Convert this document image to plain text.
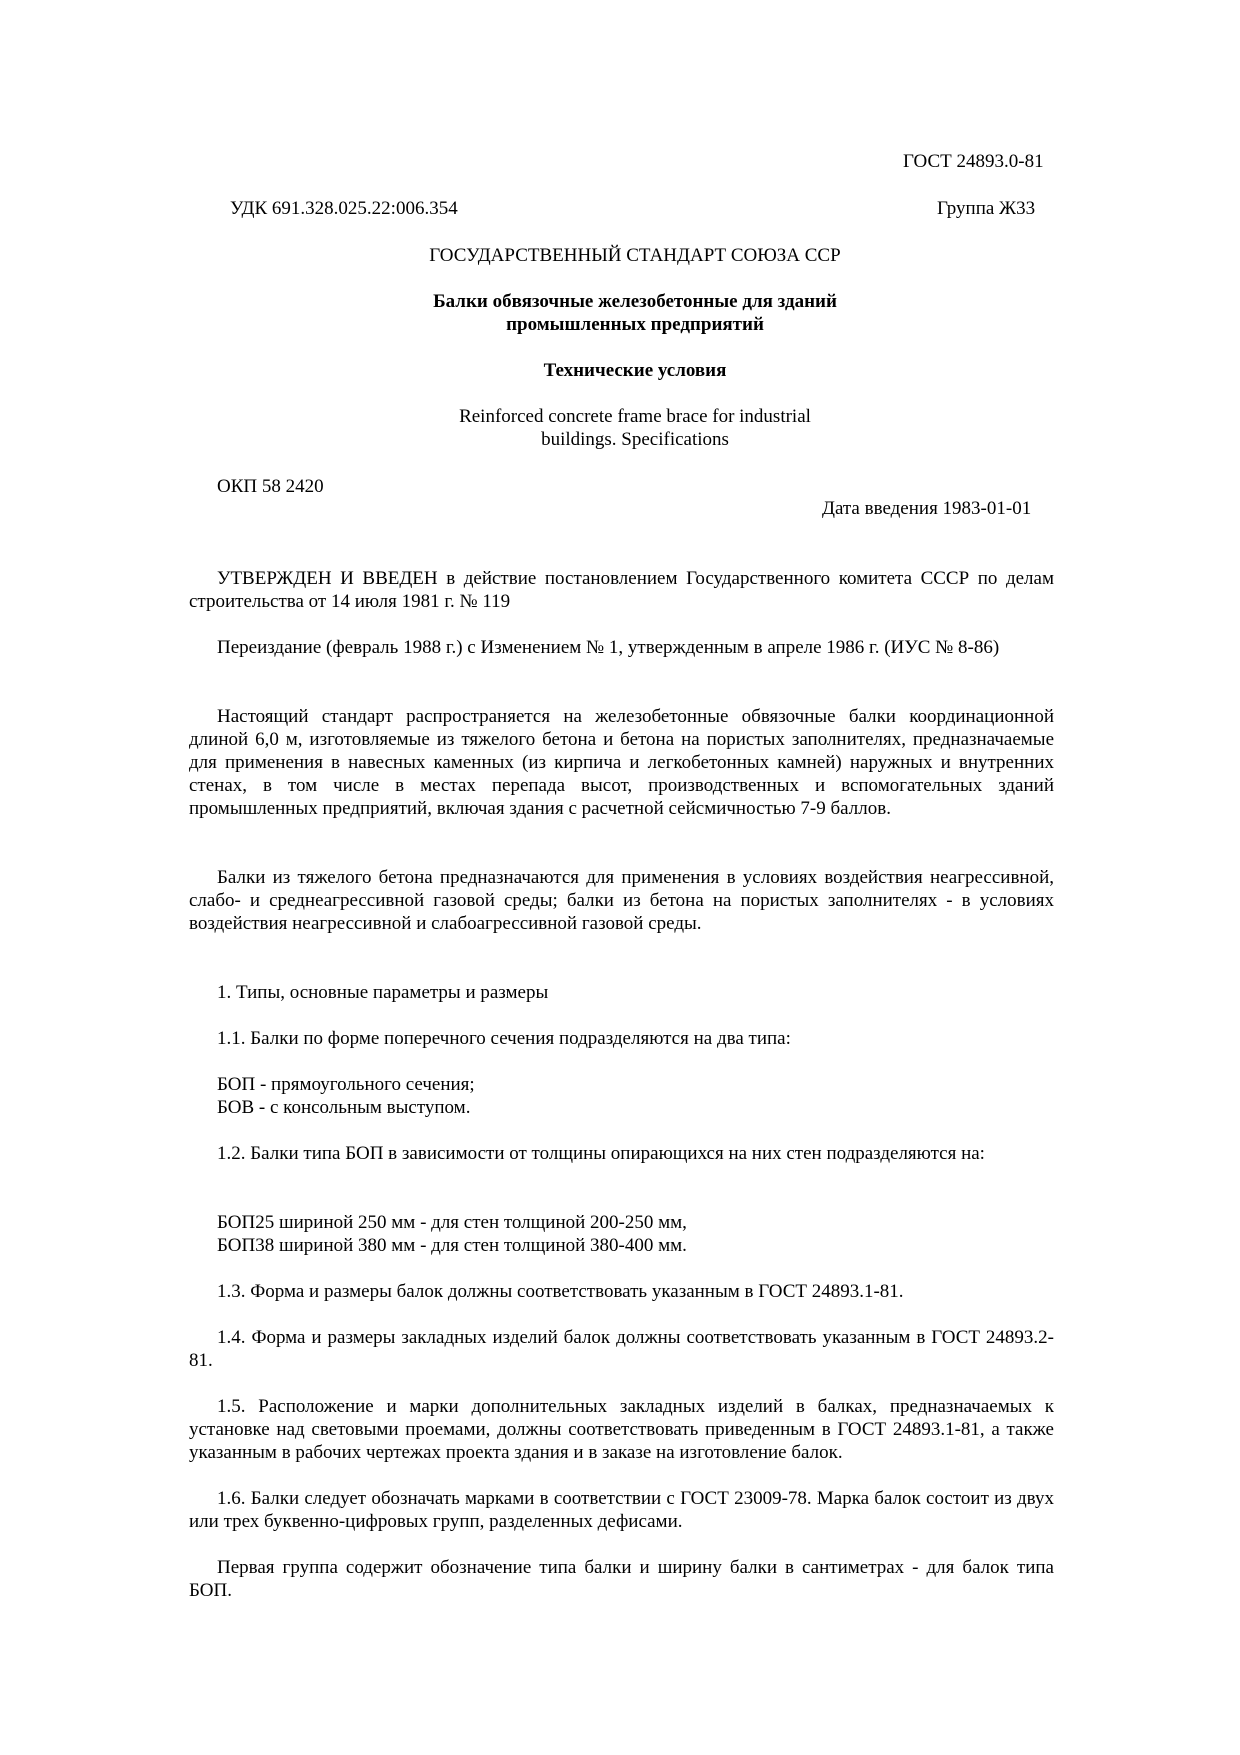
ГОСТ 24893.0-81
УДК 691.328.025.22:006.354	Группа Ж33
ГОСУДАРСТВЕННЫЙ СТАНДАРТ СОЮЗА ССР
Балки обвязочные железобетонные для зданий
промышленных предприятий
Технические условия
Reinforced concrete frame brace for industrial
buildings. Specifications
ОКП 58 2420
Дата введения 1983-01-01
УТВЕРЖДЕН И ВВЕДЕН в действие постановлением Государственного комитета СССР по делам строительства от 14 июля 1981 г. № 119
Переиздание (февраль 1988 г.) с Изменением № 1, утвержденным в апреле 1986 г. (ИУС № 8-86)
Настоящий стандарт распространяется на железобетонные обвязочные балки координационной длиной 6,0 м, изготовляемые из тяжелого бетона и бетона на пористых заполнителях, предназначаемые для применения в навесных каменных (из кирпича и легкобетонных камней) наружных и внутренних стенах, в том числе в местах перепада высот, производственных и вспомогательных зданий промышленных предприятий, включая здания с расчетной сейсмичностью 7-9 баллов.
Балки из тяжелого бетона предназначаются для применения в условиях воздействия неагрессивной, слабо- и среднеагрессивной газовой среды; балки из бетона на пористых заполнителях - в условиях воздействия неагрессивной и слабоагрессивной газовой среды.
1. Типы, основные параметры и размеры
1.1. Балки по форме поперечного сечения подразделяются на два типа:
БОП - прямоугольного сечения;
БОВ - с консольным выступом.
1.2. Балки типа БОП в зависимости от толщины опирающихся на них стен подразделяются на:
БОП25 шириной 250 мм - для стен толщиной 200-250 мм,
БОП38 шириной 380 мм - для стен толщиной 380-400 мм.
1.3. Форма и размеры балок должны соответствовать указанным в ГОСТ 24893.1-81.
1.4. Форма и размеры закладных изделий балок должны соответствовать указанным в ГОСТ 24893.2-81.
1.5. Расположение и марки дополнительных закладных изделий в балках, предназначаемых к установке над световыми проемами, должны соответствовать приведенным в ГОСТ 24893.1-81, а также указанным в рабочих чертежах проекта здания и в заказе на изготовление балок.
1.6. Балки следует обозначать марками в соответствии с ГОСТ 23009-78. Марка балок состоит из двух или трех буквенно-цифровых групп, разделенных дефисами.
Первая группа содержит обозначение типа балки и ширину балки в сантиметрах - для балок типа БОП.
